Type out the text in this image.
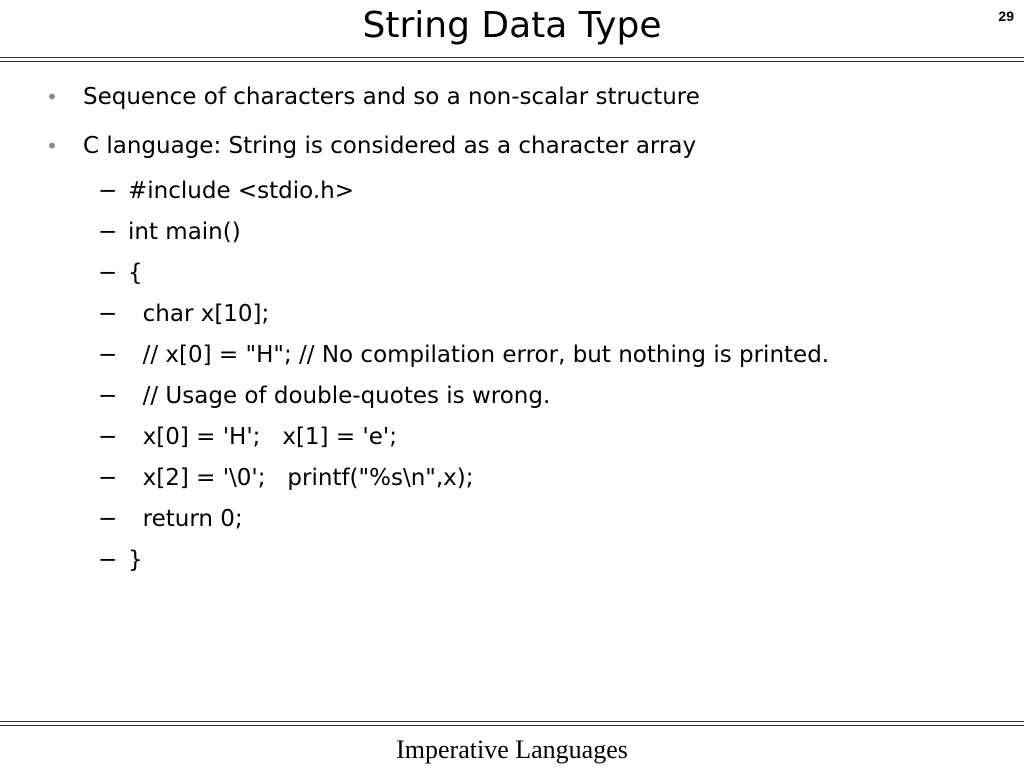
String Data Type	29

•

Sequence of characters and so a non-scalar structure

•

C language: String is considered as a character array

−

#include <stdio.h>

−

int main()

−

{

−

char x[10];

−

// x[0] = "H"; // No compilation error, but nothing is printed.

−

// Usage of double-quotes is wrong.

−

x[0] = 'H';   x[1] = 'e';

−

x[2] = '\0';   printf("%s\n",x);

−

return 0;

−

}

Imperative Languages
